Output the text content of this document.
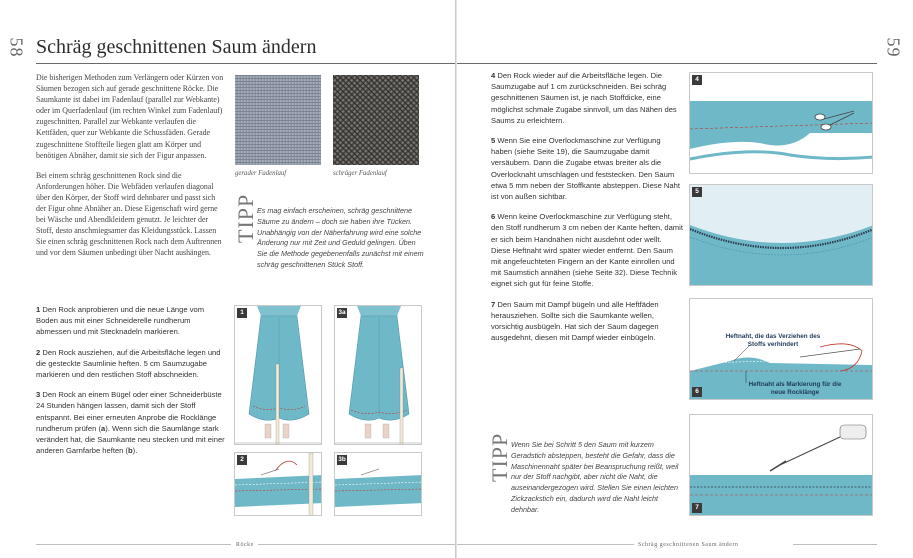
58 Schräg geschnittenen Saum ändern

Die bisherigen Methoden zum Verlängern oder Kürzen von Säumen bezogen sich auf gerade geschnittene Röcke. Die Saumkante ist dabei im Fadenlauf (parallel zur Webkante) oder im Querfadenlauf (im rechten Winkel zum Fadenlauf) zugeschnitten. Parallel zur Webkante verlaufen die Kettfäden, quer zur Webkante die Schussfäden. Gerade zugeschnittene Stoffteile liegen glatt am Körper und benötigen Abnäher, damit sie sich der Figur anpassen.

Bei einem schräg geschnittenen Rock sind die Anforderungen höher. Die Webfäden verlaufen diagonal über den Körper, der Stoff wird dehnbarer und passt sich der Figur ohne Abnäher an. Diese Eigenschaft wird gerne bei Wäsche und Abendkleidern genutzt. Je leichter der Stoff, desto anschmiegsamer das Kleidungsstück. Lassen Sie einen schräg geschnittenen Rock nach dem Auftrennen und vor dem Säumen unbedingt über Nacht aushängen.

gerader Fadenlauf	schräger Fadenlauf
TIPP Es mag einfach erscheinen, schräg geschnittene Säume zu ändern – doch sie haben ihre Tücken. Unabhängig von der Näherfahrung wird eine solche Änderung nur mit Zeit und Geduld gelingen. Üben Sie die Methode gegebenenfalls zunächst mit einem schräg geschnittenen Stück Stoff.

1 Den Rock anprobieren und die neue Länge vom Boden aus mit einer Schneiderelle rundherum abmessen und mit Stecknadeln markieren.

2 Den Rock ausziehen, auf die Arbeitsfläche legen und die gesteckte Saumlinie heften. 5 cm Saumzugabe markieren und den restlichen Stoff abschneiden.

3 Den Rock an einem Bügel oder einer Schneiderbüste 24 Stunden hängen lassen, damit sich der Stoff entspannt. Bei einer erneuten Anprobe die Rocklänge rundherum prüfen (a). Wenn sich die Saumlänge stark verändert hat, die Saumkante neu stecken und mit einer anderen Garnfarbe heften (b).

1	3a
2	3b
Röcke
59

4 Den Rock wieder auf die Arbeitsfläche legen. Die Saumzugabe auf 1 cm zurückschneiden. Bei schräg geschnittenen Säumen ist, je nach Stoffdicke, eine möglichst schmale Zugabe sinnvoll, um das Nähen des Saums zu erleichtern.

5 Wenn Sie eine Overlockmaschine zur Verfügung haben (siehe Seite 19), die Saumzugabe damit versäubern. Dann die Zugabe etwas breiter als die Overlocknaht umschlagen und feststecken. Den Saum etwa 5 mm neben der Stoffkante absteppen. Diese Naht ist von außen sichtbar.

6 Wenn keine Overlockmaschine zur Verfügung steht, den Stoff rundherum 3 cm neben der Kante heften, damit er sich beim Handnähen nicht ausdehnt oder wellt. Diese Heftnaht wird später wieder entfernt. Den Saum mit angefeuchteten Fingern an der Kante einrollen und mit Saumstich annähen (siehe Seite 32). Diese Technik eignet sich gut für feine Stoffe.

7 Den Saum mit Dampf bügeln und alle Heftfäden herausziehen. Sollte sich die Saumkante wellen, vorsichtig ausbügeln. Hat sich der Saum dagegen ausgedehnt, diesen mit Dampf wieder einbügeln.

TIPP Wenn Sie bei Schritt 5 den Saum mit kurzem Geradstich absteppen, besteht die Gefahr, dass die Maschinennaht später bei Beanspruchung reißt, weil nur der Stoff nachgibt, aber nicht die Naht, die auseinandergezogen wird. Stellen Sie einen leichten Zickzackstich ein, dadurch wird die Naht leicht dehnbar.
4
5
Heftnaht, die das Verziehen des Stoffs verhindert
Heftnaht als Markierung für die neue Rocklänge
6
7
Schräg geschnittenen Saum ändern
